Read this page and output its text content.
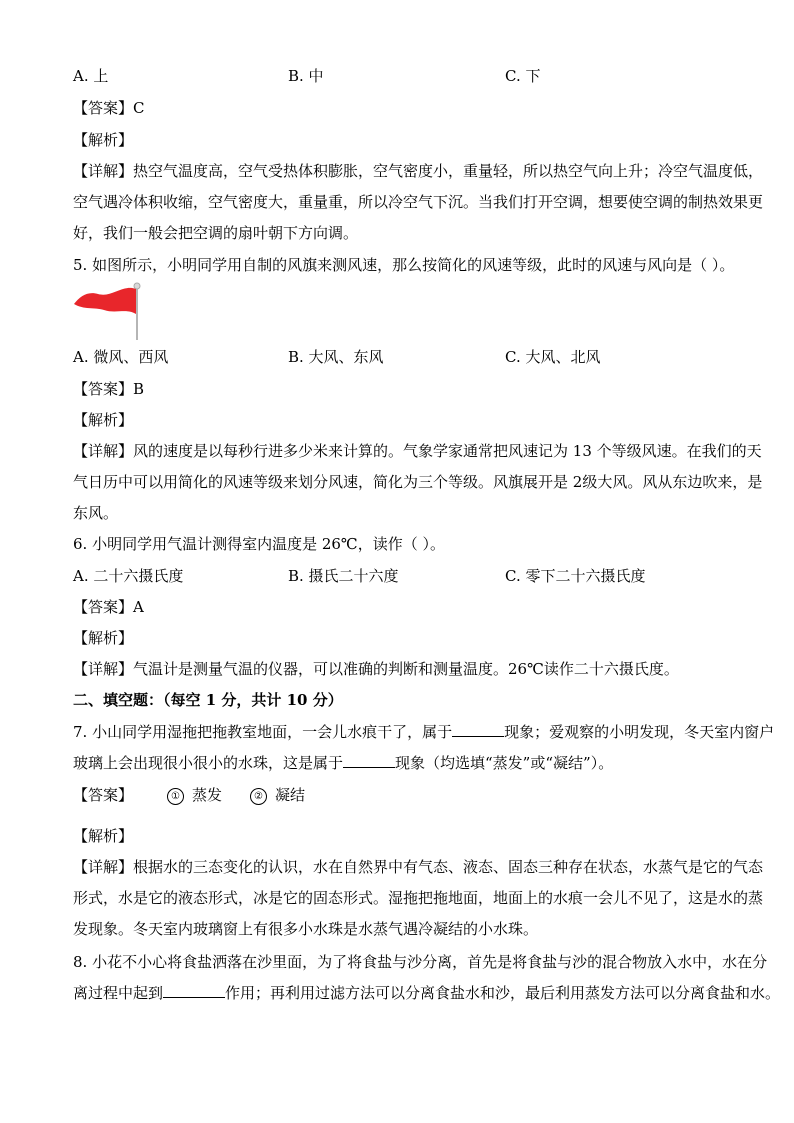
A. 上	B. 中	C. 下
【答案】C
【解析】
【详解】热空气温度高，空气受热体积膨胀，空气密度小，重量轻，所以热空气向上升；冷空气温度低，
空气遇冷体积收缩，空气密度大，重量重，所以冷空气下沉。当我们打开空调，想要使空调的制热效果更
好，我们一般会把空调的扇叶朝下方向调。
5. 如图所示，小明同学用自制的风旗来测风速，那么按简化的风速等级，此时的风速与风向是（ ）。
A. 微风、西风	B. 大风、东风	C. 大风、北风
【答案】B
【解析】
【详解】风的速度是以每秒行进多少米来计算的。气象学家通常把风速记为 13 个等级风速。在我们的天
气日历中可以用简化的风速等级来划分风速，简化为三个等级。风旗展开是 2级大风。风从东边吹来，是
东风。
6. 小明同学用气温计测得室内温度是 26℃，读作（ ）。
A. 二十六摄氏度	B. 摄氏二十六度	C. 零下二十六摄氏度
【答案】A
【解析】
【详解】气温计是测量气温的仪器，可以准确的判断和测量温度。26℃读作二十六摄氏度。
二、填空题：（每空 1 分，共计 10 分）
7. 小山同学用湿拖把拖教室地面，一会儿水痕干了，属于	现象；爱观察的小明发现，冬天室内窗户
玻璃上会出现很小很小的水珠，这是属于	现象（均选填“蒸发”或“凝结”）。
【答案】	① 蒸发	② 凝结
【解析】
【详解】根据水的三态变化的认识，水在自然界中有气态、液态、固态三种存在状态，水蒸气是它的气态
形式，水是它的液态形式，冰是它的固态形式。湿拖把拖地面，地面上的水痕一会儿不见了，这是水的蒸
发现象。冬天室内玻璃窗上有很多小水珠是水蒸气遇冷凝结的小水珠。
8. 小花不小心将食盐洒落在沙里面，为了将食盐与沙分离，首先是将食盐与沙的混合物放入水中，水在分
离过程中起到	作用；再利用过滤方法可以分离食盐水和沙，最后利用蒸发方法可以分离食盐和水。
